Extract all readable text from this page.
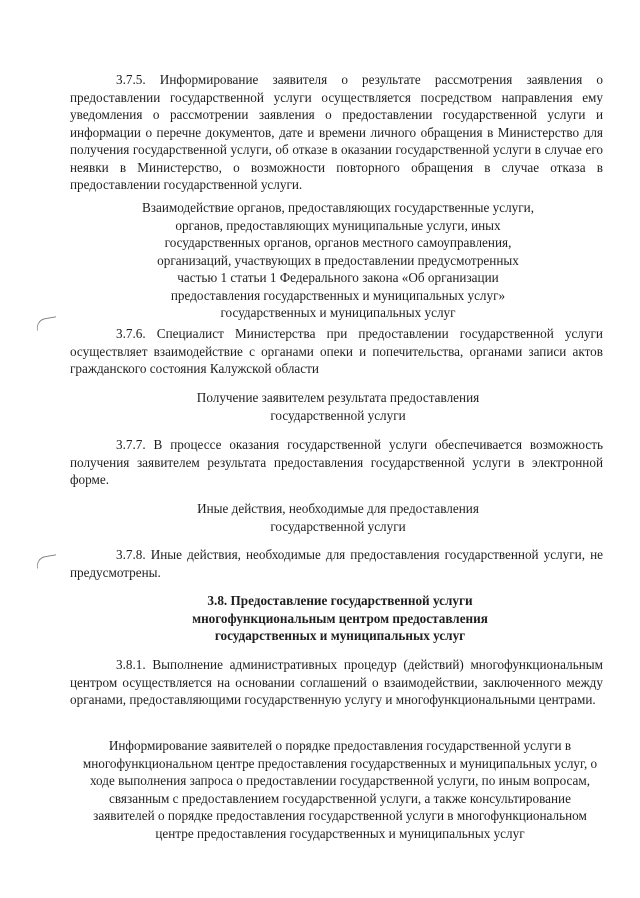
3.7.5. Информирование заявителя о результате рассмотрения заявления о предоставлении государственной услуги осуществляется посредством направления ему уведомления о рассмотрении заявления о предоставлении государственной услуги и информации о перечне документов, дате и времени личного обращения в Министерство для получения государственной услуги, об отказе в оказании государственной услуги в случае его неявки в Министерство, о возможности повторного обращения в случае отказа в предоставлении государственной услуги.

Взаимодействие органов, предоставляющих государственные услуги, органов, предоставляющих муниципальные услуги, иных государственных органов, органов местного самоуправления, организаций, участвующих в предоставлении предусмотренных частью 1 статьи 1 Федерального закона «Об организации предоставления государственных и муниципальных услуг» государственных и муниципальных услуг

3.7.6. Специалист Министерства при предоставлении государственной услуги осуществляет взаимодействие с органами опеки и попечительства, органами записи актов гражданского состояния Калужской области

Получение заявителем результата предоставления государственной услуги

3.7.7. В процессе оказания государственной услуги обеспечивается возможность получения заявителем результата предоставления государственной услуги в электронной форме.

Иные действия, необходимые для предоставления государственной услуги

3.7.8. Иные действия, необходимые для предоставления государственной услуги, не предусмотрены.

3.8. Предоставление государственной услуги многофункциональным центром предоставления государственных и муниципальных услуг

3.8.1. Выполнение административных процедур (действий) многофункциональным центром осуществляется на основании соглашений о взаимодействии, заключенного между органами, предоставляющими государственную услугу и многофункциональными центрами.

Информирование заявителей о порядке предоставления государственной услуги в многофункциональном центре предоставления государственных и муниципальных услуг, о ходе выполнения запроса о предоставлении государственной услуги, по иным вопросам, связанным с предоставлением государственной услуги, а также консультирование заявителей о порядке предоставления государственной услуги в многофункциональном центре предоставления государственных и муниципальных услуг
